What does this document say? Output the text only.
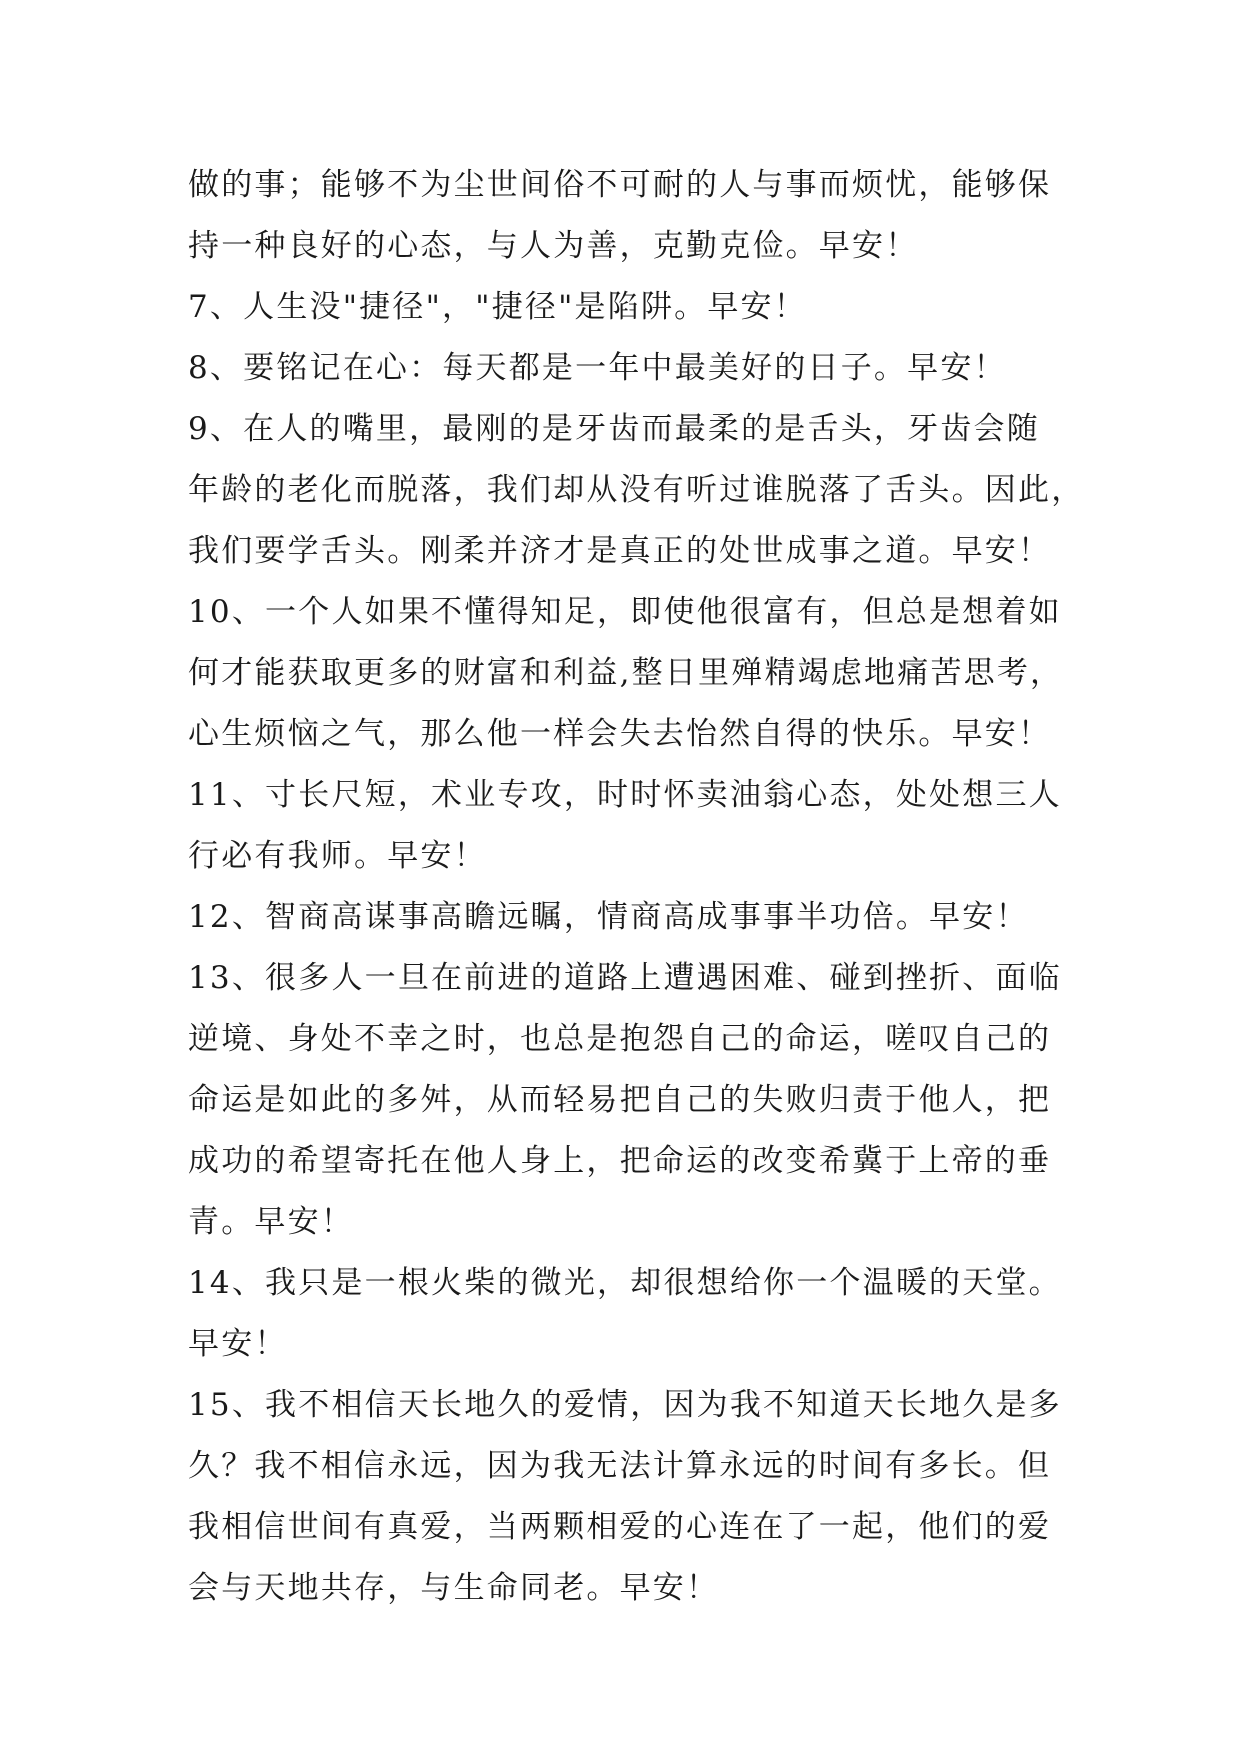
做的事；能够不为尘世间俗不可耐的人与事而烦忧，能够保
持一种良好的心态，与人为善，克勤克俭。早安！
7、人生没"捷径"，"捷径"是陷阱。早安！
8、要铭记在心：每天都是一年中最美好的日子。早安！
9、在人的嘴里，最刚的是牙齿而最柔的是舌头，牙齿会随
年龄的老化而脱落，我们却从没有听过谁脱落了舌头。因此，
我们要学舌头。刚柔并济才是真正的处世成事之道。早安！
10、一个人如果不懂得知足，即使他很富有，但总是想着如
何才能获取更多的财富和利益,整日里殚精竭虑地痛苦思考，
心生烦恼之气，那么他一样会失去怡然自得的快乐。早安！
11、寸长尺短，术业专攻，时时怀卖油翁心态，处处想三人
行必有我师。早安！
12、智商高谋事高瞻远瞩，情商高成事事半功倍。早安！
13、很多人一旦在前进的道路上遭遇困难、碰到挫折、面临
逆境、身处不幸之时，也总是抱怨自己的命运，嗟叹自己的
命运是如此的多舛，从而轻易把自己的失败归责于他人，把
成功的希望寄托在他人身上，把命运的改变希冀于上帝的垂
青。早安！
14、我只是一根火柴的微光，却很想给你一个温暖的天堂。
早安！
15、我不相信天长地久的爱情，因为我不知道天长地久是多
久？我不相信永远，因为我无法计算永远的时间有多长。但
我相信世间有真爱，当两颗相爱的心连在了一起，他们的爱
会与天地共存，与生命同老。早安！
